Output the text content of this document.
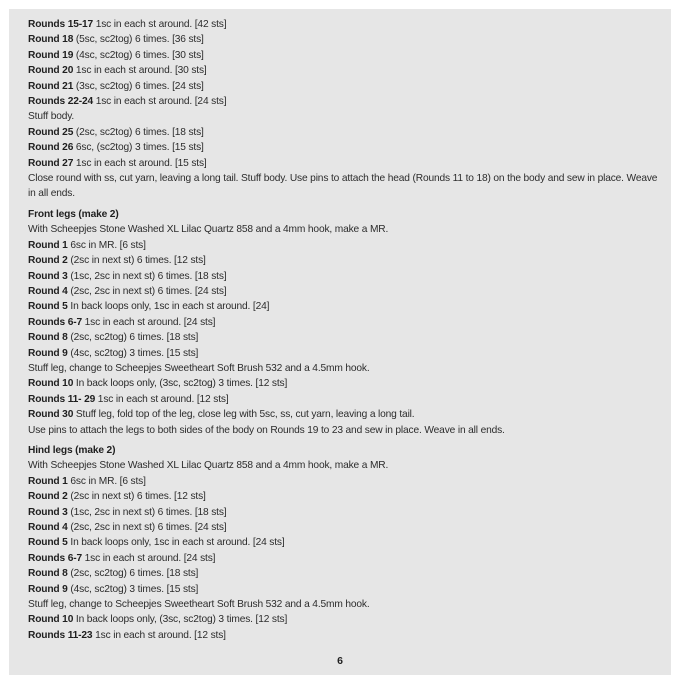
Rounds 15-17 1sc in each st around. [42 sts]
Round 18 (5sc, sc2tog) 6 times. [36 sts]
Round 19 (4sc, sc2tog) 6 times. [30 sts]
Round 20 1sc in each st around. [30 sts]
Round 21 (3sc, sc2tog) 6 times. [24 sts]
Rounds 22-24 1sc in each st around. [24 sts]
Stuff body.
Round 25 (2sc, sc2tog) 6 times. [18 sts]
Round 26 6sc, (sc2tog) 3 times. [15 sts]
Round 27 1sc in each st around. [15 sts]
Close round with ss, cut yarn, leaving a long tail. Stuff body. Use pins to attach the head (Rounds 11 to 18) on the body and sew in place. Weave in all ends.
Front legs (make 2)
With Scheepjes Stone Washed XL Lilac Quartz 858 and a 4mm hook, make a MR.
Round 1 6sc in MR. [6 sts]
Round 2 (2sc in next st) 6 times. [12 sts]
Round 3 (1sc, 2sc in next st) 6 times. [18 sts]
Round 4 (2sc, 2sc in next st) 6 times. [24 sts]
Round 5 In back loops only, 1sc in each st around. [24]
Rounds 6-7 1sc in each st around. [24 sts]
Round 8 (2sc, sc2tog) 6 times. [18 sts]
Round 9 (4sc, sc2tog) 3 times. [15 sts]
Stuff leg, change to Scheepjes Sweetheart Soft Brush 532 and a 4.5mm hook.
Round 10 In back loops only, (3sc, sc2tog) 3 times. [12 sts]
Rounds 11- 29 1sc in each st around. [12 sts]
Round 30 Stuff leg, fold top of the leg, close leg with 5sc, ss, cut yarn, leaving a long tail.
Use pins to attach the legs to both sides of the body on Rounds 19 to 23 and sew in place. Weave in all ends.
Hind legs (make 2)
With Scheepjes Stone Washed XL Lilac Quartz 858 and a 4mm hook, make a MR.
Round 1 6sc in MR. [6 sts]
Round 2 (2sc in next st) 6 times. [12 sts]
Round 3 (1sc, 2sc in next st) 6 times. [18 sts]
Round 4 (2sc, 2sc in next st) 6 times. [24 sts]
Round 5 In back loops only, 1sc in each st around. [24 sts]
Rounds 6-7 1sc in each st around. [24 sts]
Round 8 (2sc, sc2tog) 6 times. [18 sts]
Round 9 (4sc, sc2tog) 3 times. [15 sts]
Stuff leg, change to Scheepjes Sweetheart Soft Brush 532 and a 4.5mm hook.
Round 10 In back loops only, (3sc, sc2tog) 3 times. [12 sts]
Rounds 11-23 1sc in each st around. [12 sts]
6
